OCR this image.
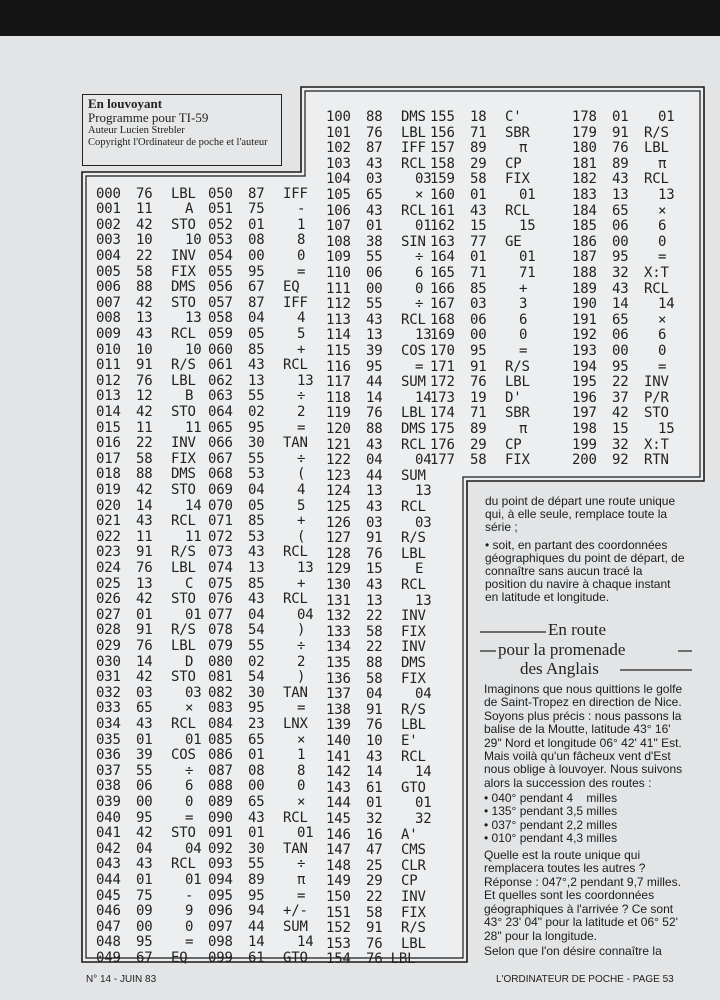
En louvoyant
Programme pour TI-59
Auteur Lucien Strebler
Copyright l'Ordinateur de poche et l'auteur
000 76 LBL
001 11 A
002 42 STO
003 10 10
004 22 INV
005 58 FIX
006 88 DMS
007 42 STO
008 13 13
009 43 RCL
010 10 10
011 91 R/S
012 76 LBL
013 12 B
014 42 STO
015 11 11
016 22 INV
017 58 FIX
018 88 DMS
019 42 STO
020 14 14
021 43 RCL
022 11 11
023 91 R/S
024 76 LBL
025 13 C
026 42 STO
027 01 01
028 91 R/S
029 76 LBL
030 14 D
031 42 STO
032 03 03
033 65 ×
034 43 RCL
035 01 01
036 39 COS
037 55 ÷
038 06 6
039 00 0
040 95 =
041 42 STO
042 04 04
043 43 RCL
044 01 01
045 75 -
046 09 9
047 00 0
048 95 =
049 67 EQ
050 87 IFF
051 75 -
052 01 1
053 08 8
054 00 0
055 95 =
056 67 EQ
057 87 IFF
058 04 4
059 05 5
060 85 +
061 43 RCL
062 13 13
063 55 ÷
064 02 2
065 95 =
066 30 TAN
067 55 ÷
068 53 (
069 04 4
070 05 5
071 85 +
072 53 (
073 43 RCL
074 13 13
075 85 +
076 43 RCL
077 04 04
078 54 )
079 55 ÷
080 02 2
081 54 )
082 30 TAN
083 95 =
084 23 LNX
085 65 ×
086 01 1
087 08 8
088 00 0
089 65 ×
090 43 RCL
091 01 01
092 30 TAN
093 55 ÷
094 89 π
095 95 =
096 94 +/-
097 44 SUM
098 14 14
099 61 GTO
100 88 DMS
101 76 LBL
102 87 IFF
103 43 RCL
104 03 03
105 65 ×
106 43 RCL
107 01 01
108 38 SIN
109 55 ÷
110 06 6
111 00 0
112 55 ÷
113 43 RCL
114 13 13
115 39 COS
116 95 =
117 44 SUM
118 14 14
119 76 LBL
120 88 DMS
121 43 RCL
122 04 04
123 44 SUM
124 13 13
125 43 RCL
126 03 03
127 91 R/S
128 76 LBL
129 15 E
130 43 RCL
131 13 13
132 22 INV
133 58 FIX
134 22 INV
135 88 DMS
136 58 FIX
137 04 04
138 91 R/S
139 76 LBL
140 10 E'
141 43 RCL
142 14 14
143 61 GTO
144 01 01
145 32 32
146 16 A'
147 47 CMS
148 25 CLR
149 29 CP
150 22 INV
151 58 FIX
152 91 R/S
153 76 LBL
154
155 18 C'
156 71 SBR
157 89 π
158 29 CP
159 58 FIX
160 01 01
161 43 RCL
162 15 15
163 77 GE
164 01 01
165 71 71
166 85 +
167 03 3
168 06 6
169 00 0
170 95 =
171 91 R/S
172 76 LBL
173 19 D'
174 71 SBR
175 89 π
176 29 CP
177 58 FIX
178 01 01
179 91 R/S
180 76 LBL
181 89 π
182 43 RCL
183 13 13
184 65 ×
185 06 6
186 00 0
187 95 =
188 32 X:T
189 43 RCL
190 14 14
191 65 ×
192 06 6
193 00 0
194 95 =
195 22 INV
196 37 P/R
197 42 STO
198 15 15
199 32 X:T
200 92 RTN
76 LBL

du point de départ une route unique qui, à elle seule, remplace toute la série ;

• soit, en partant des coordonnées géographiques du point de départ, de connaître sans aucun tracé la position du navire à chaque instant en latitude et longitude.

En route
pour la promenade
des Anglais

Imaginons que nous quittions le golfe de Saint-Tropez en direction de Nice. Soyons plus précis : nous passons la balise de la Moutte, latitude 43° 16' 29" Nord et longitude 06° 42' 41" Est. Mais voilà qu'un fâcheux vent d'Est nous oblige à louvoyer. Nous suivons alors la succession des routes :

• 040° pendant 4    milles
• 135° pendant 3,5 milles
• 037° pendant 2,2 milles
• 010° pendant 4,3 milles

Quelle est la route unique qui remplacera toutes les autres ? Réponse : 047°,2 pendant 9,7 milles. Et quelles sont les coordonnées géographiques à l'arrivée ? Ce sont 43° 23' 04" pour la latitude et 06° 52' 28" pour la longitude.

Selon que l'on désire connaître la

N° 14 - JUIN 83	L'ORDINATEUR DE POCHE - PAGE 53
